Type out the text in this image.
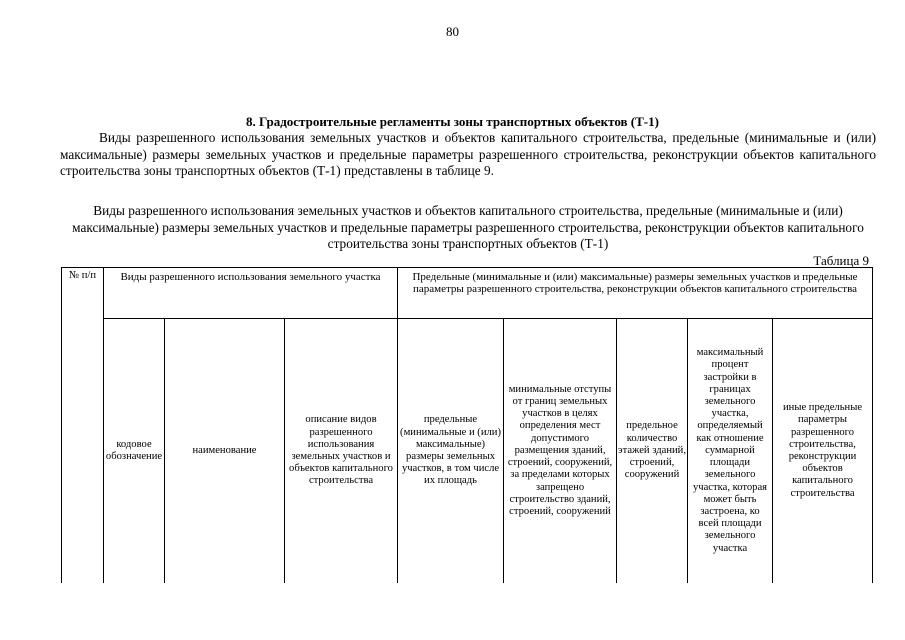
80
8. Градостроительные регламенты зоны транспортных объектов (Т-1)

Виды разрешенного использования земельных участков и объектов капитального строительства, предельные (минимальные и (или) максимальные) размеры земельных участков и предельные параметры разрешенного строительства, реконструкции объектов капитального строительства зоны транспортных объектов (Т-1) представлены в таблице 9.

Виды разрешенного использования земельных участков и объектов капитального строительства, предельные (минимальные и (или) максимальные) размеры земельных участков и предельные параметры разрешенного строительства, реконструкции объектов капитального строительства зоны транспортных объектов (Т-1)

Таблица 9
№ п/п	Виды разрешенного использования земельного участка			Предельные (минимальные и (или) максимальные) размеры земельных участков и предельные параметры разрешенного строительства, реконструкции объектов капитального строительства				
	кодовое обозначение	наименование	описание видов разрешенного использования земельных участков и объектов капитального строительства	предельные (минимальные и (или) максимальные) размеры земельных участков, в том числе их площадь	минимальные отступы от границ земельных участков в целях определения мест допустимого размещения зданий, строений, сооружений, за пределами которых запрещено строительство зданий, строений, сооружений	предельное количество этажей зданий, строений, сооружений	максимальный процент застройки в границах земельного участка, определяемый как отношение суммарной площади земельного участка, которая может быть застроена, ко всей площади земельного участка	иные предельные параметры разрешенного строительства, реконструкции объектов капитального строительства
